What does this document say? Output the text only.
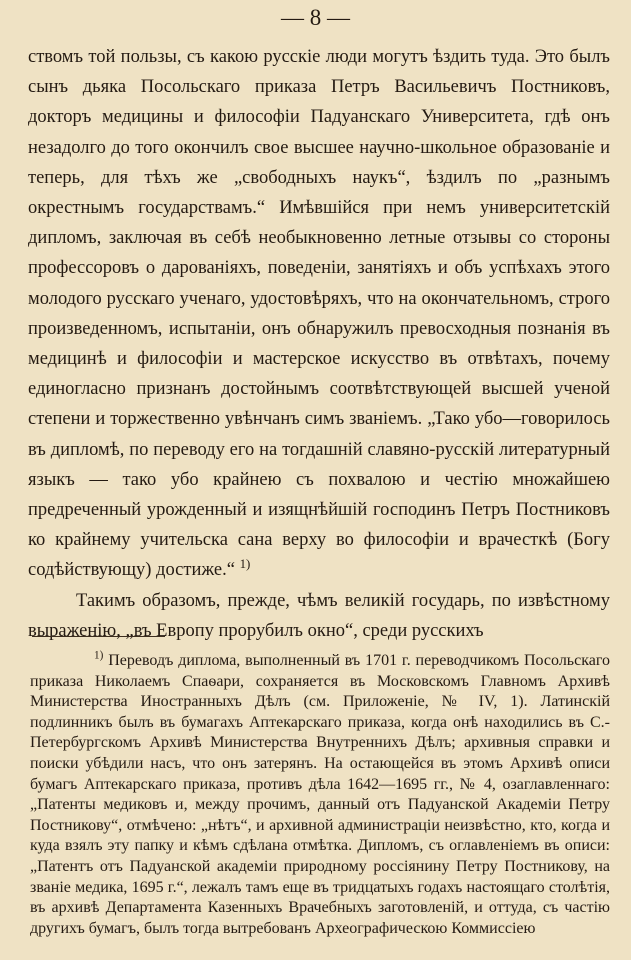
— 8 —

ствомъ той пользы, съ какою русскіе люди могутъ ѣздить туда. Это былъ сынъ дьяка Посольскаго приказа Петръ Васильевичъ Постниковъ, докторъ медицины и философіи Падуанскаго Университета, гдѣ онъ незадолго до того окончилъ свое высшее научно-школьное образованіе и теперь, для тѣхъ же „свободныхъ наукъ“, ѣздилъ по „разнымъ окрестнымъ государствамъ.“ Имѣвшійся при немъ университетскій дипломъ, заключая въ себѣ необыкновенно летные отзывы со стороны профессоровъ о дарованіяхъ, поведеніи, занятіяхъ и объ успѣхахъ этого молодого русскаго ученаго, удостовѣряхъ, что на окончательномъ, строго произведенномъ, испытаніи, онъ обнаружилъ превосходныя познанія въ медицинѣ и философіи и мастерское искусство въ отвѣтахъ, почему единогласно признанъ достойнымъ соотвѣтствующей высшей ученой степени и торжественно увѣнчанъ симъ званіемъ. „Тако убо—говорилось въ дипломѣ, по переводу его на тогдашній славяно-русскій литературный языкъ — тако убо крайнею съ похвалою и честію множайшею предреченный урожденный и изящнѣйшій господинъ Петръ Постниковъ ко крайнему учительска сана верху во философіи и врачесткѣ (Богу содѣйствующу) достиже.“ $^{1)}$

Такимъ образомъ, прежде, чѣмъ великій государь, по извѣстному выраженію, „въ Европу прорубилъ окно“, среди русскихъ

$^{1)}$ Переводъ диплома, выполненный въ 1701 г. переводчикомъ Посольскаго приказа Николаемъ Спаѳари, сохраняется въ Московскомъ Главномъ Архивѣ Министерства Иностранныхъ Дѣлъ (см. Приложеніе, № IV, 1). Латинскій подлинникъ былъ въ бумагахъ Аптекарскаго приказа, когда онѣ находились въ С.-Петербургскомъ Архивѣ Министерства Внутреннихъ Дѣлъ; архивныя справки и поиски убѣдили насъ, что онъ затерянъ. На остающейся въ этомъ Архивѣ описи бумагъ Аптекарскаго приказа, противъ дѣла 1642—1695 гг., № 4, озаглавленнаго: „Патенты медиковъ и, между прочимъ, данный отъ Падуанской Академіи Петру Постникову“, отмѣчено: „нѣтъ“, и архивной администраціи неизвѣстно, кто, когда и куда взялъ эту папку и кѣмъ сдѣлана отмѣтка. Дипломъ, съ оглавленіемъ въ описи: „Патентъ отъ Падуанской академіи природному россіянину Петру Постникову, на званіе медика, 1695 г.“, лежалъ тамъ еще въ тридцатыхъ годахъ настоящаго столѣтія, въ архивѣ Департамента Казенныхъ Врачебныхъ заготовленій, и оттуда, съ частію другихъ бумагъ, былъ тогда вытребованъ Археографическою Коммиссіею
